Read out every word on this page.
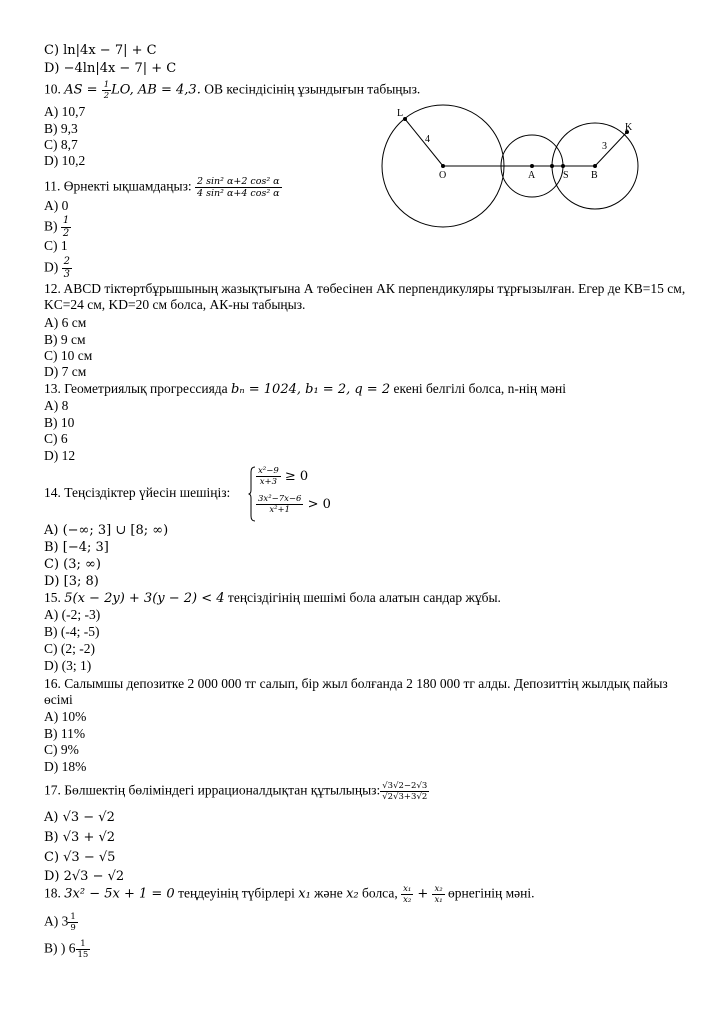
C) ln|4x − 7| + C
D) −4ln|4x − 7| + C
10. AS = $\frac{1}{2}$ LO, AB = 4,3. OB кесіндісінің ұзындығын табыңыз.
A) 10,7
B) 9,3
C) 8,7
D) 10,2
L
4
O	A	S B
3
K
11. Өрнекті ықшамдаңыз: $\frac{\text{2 sin² α+2 cos² α}}{\text{4 sin² α+4 cos² α}}$
A) 0
$B) \frac{1}{2}$
C) 1
$D) \frac{2}{3}$
12. ABCD тіктөртбұрышының жазықтығына А төбесінен АК перпендикуляры тұрғызылған. Егер де KB=15 см, KC=24 см, KD=20 см болса, АК-ны табыңыз.
A) 6 см
B) 9 см
C) 10 см
D) 7 см
13. Геометриялық прогрессияда bₙ = 1024, b₁ = 2, q = 2 екені белгілі болса, n-нің мәні
A) 8
B) 10
C) 6
D) 12
14. Теңсіздіктер үйесін шешіңіз:
$\frac{\text{x²−9}}{x+3} \ge 0$
$\frac{\text{3x²−7x−6}}{\text{x²+1}} > 0$
A) (−∞; 3] ∪ [8; ∞)
B) [−4; 3]
C) (3; ∞)
D) [3; 8)
15. 5(x − 2y) + 3(y − 2) < 4 теңсіздігінің шешімі бола алатын сандар жұбы.
A) (-2; -3)
B) (-4; -5)
C) (2; -2)
D) (3; 1)
16. Салымшы депозитке 2 000 000 тг салып, бір жыл болғанда 2 180 000 тг алды. Депозиттің жылдық пайыз өсімі
A) 10%
B) 11%
C) 9%
D) 18%
17. Бөлшектің бөліміндегі иррационалдықтан құтылыңыз: $\frac{√3√2-2√3}{√2√3+3√2}$
A) √3 − √2
B) √3 + √2
C) √3 − √5
D) 2√3 − √2
18. 3x² − 5x + 1 = 0 теңдеуінің түбірлері x₁ және x₂ болса, $\frac{\text{x₁}}{\text{x₂}} + \frac{\text{x₂}}{\text{x₁}}$ өрнегінің мәні.
A) $3 \frac{1}{9}$
B) ) $6 \frac{1}{15}$
